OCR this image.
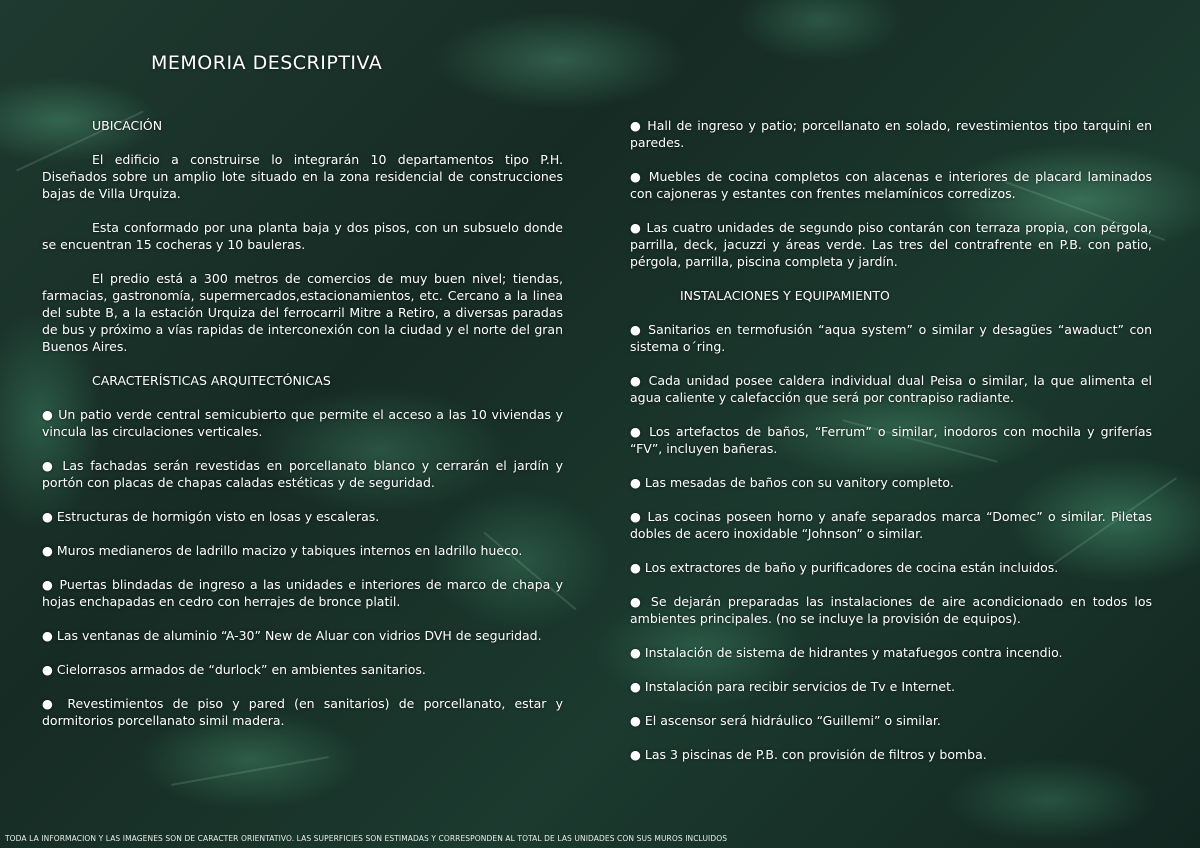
MEMORIA DESCRIPTIVA

UBICACIÓN

El edificio a construirse lo integrarán 10 departamentos tipo P.H. Diseñados sobre un amplio lote situado en la zona residencial de construcciones bajas de Villa Urquiza.

Esta conformado por una planta baja y dos pisos, con un subsuelo donde se encuentran 15 cocheras y 10 bauleras.

El predio está a 300 metros de comercios de muy buen nivel; tiendas, farmacias, gastronomía, supermercados,estacionamientos, etc. Cercano a la linea del subte B, a la estación Urquiza del ferrocarril Mitre a Retiro, a diversas paradas de bus y próximo a vías rapidas de interconexión con la ciudad y el norte del gran Buenos Aires.

CARACTERÍSTICAS ARQUITECTÓNICAS

● Un patio verde central semicubierto que permite el acceso a las 10 viviendas y vincula las circulaciones verticales.

● Las fachadas serán revestidas en porcellanato blanco y cerrarán el jardín y portón con placas de chapas caladas estéticas y de seguridad.

● Estructuras de hormigón visto en losas y escaleras.

● Muros medianeros de ladrillo macizo y tabiques internos en ladrillo hueco.

● Puertas blindadas de ingreso a las unidades e interiores de marco de chapa y hojas enchapadas en cedro con herrajes de bronce platil.

● Las ventanas de aluminio “A-30” New de Aluar con vidrios DVH de seguridad.

● Cielorrasos armados de “durlock” en ambientes sanitarios.

● Revestimientos de piso y pared (en sanitarios) de porcellanato, estar y dormitorios porcellanato simil madera.

● Hall de ingreso y patio; porcellanato en solado, revestimientos tipo tarquini en paredes.

● Muebles de cocina completos con alacenas e interiores de placard laminados con cajoneras y estantes con frentes melamínicos corredizos.

● Las cuatro unidades de segundo piso contarán con terraza propia, con pérgola, parrilla, deck, jacuzzi y áreas verde. Las tres del contrafrente en P.B. con patio, pérgola, parrilla, piscina completa y jardín.

INSTALACIONES Y EQUIPAMIENTO

● Sanitarios en termofusión “aqua system” o similar y desagües “awaduct” con sistema o´ring.

● Cada unidad posee caldera individual dual Peisa o similar, la que alimenta el agua caliente y calefacción que será por contrapiso radiante.

● Los artefactos de baños, “Ferrum” o similar, inodoros con mochila y griferías “FV”, incluyen bañeras.

● Las mesadas de baños con su vanitory completo.

● Las cocinas poseen horno y anafe separados marca “Domec” o similar. Piletas dobles de acero inoxidable “Johnson” o similar.

● Los extractores de baño y purificadores de cocina están incluidos.

● Se dejarán preparadas las instalaciones de aire acondicionado en todos los ambientes principales. (no se incluye la provisión de equipos).

● Instalación de sistema de hidrantes y matafuegos contra incendio.

● Instalación para recibir servicios de Tv e Internet.

● El ascensor será hidráulico “Guillemi” o similar.

● Las 3 piscinas de P.B. con provisión de filtros y bomba.

TODA LA INFORMACION Y LAS IMAGENES SON DE CARACTER ORIENTATIVO. LAS SUPERFICIES SON ESTIMADAS Y CORRESPONDEN AL TOTAL DE LAS UNIDADES CON SUS MUROS INCLUIDOS
